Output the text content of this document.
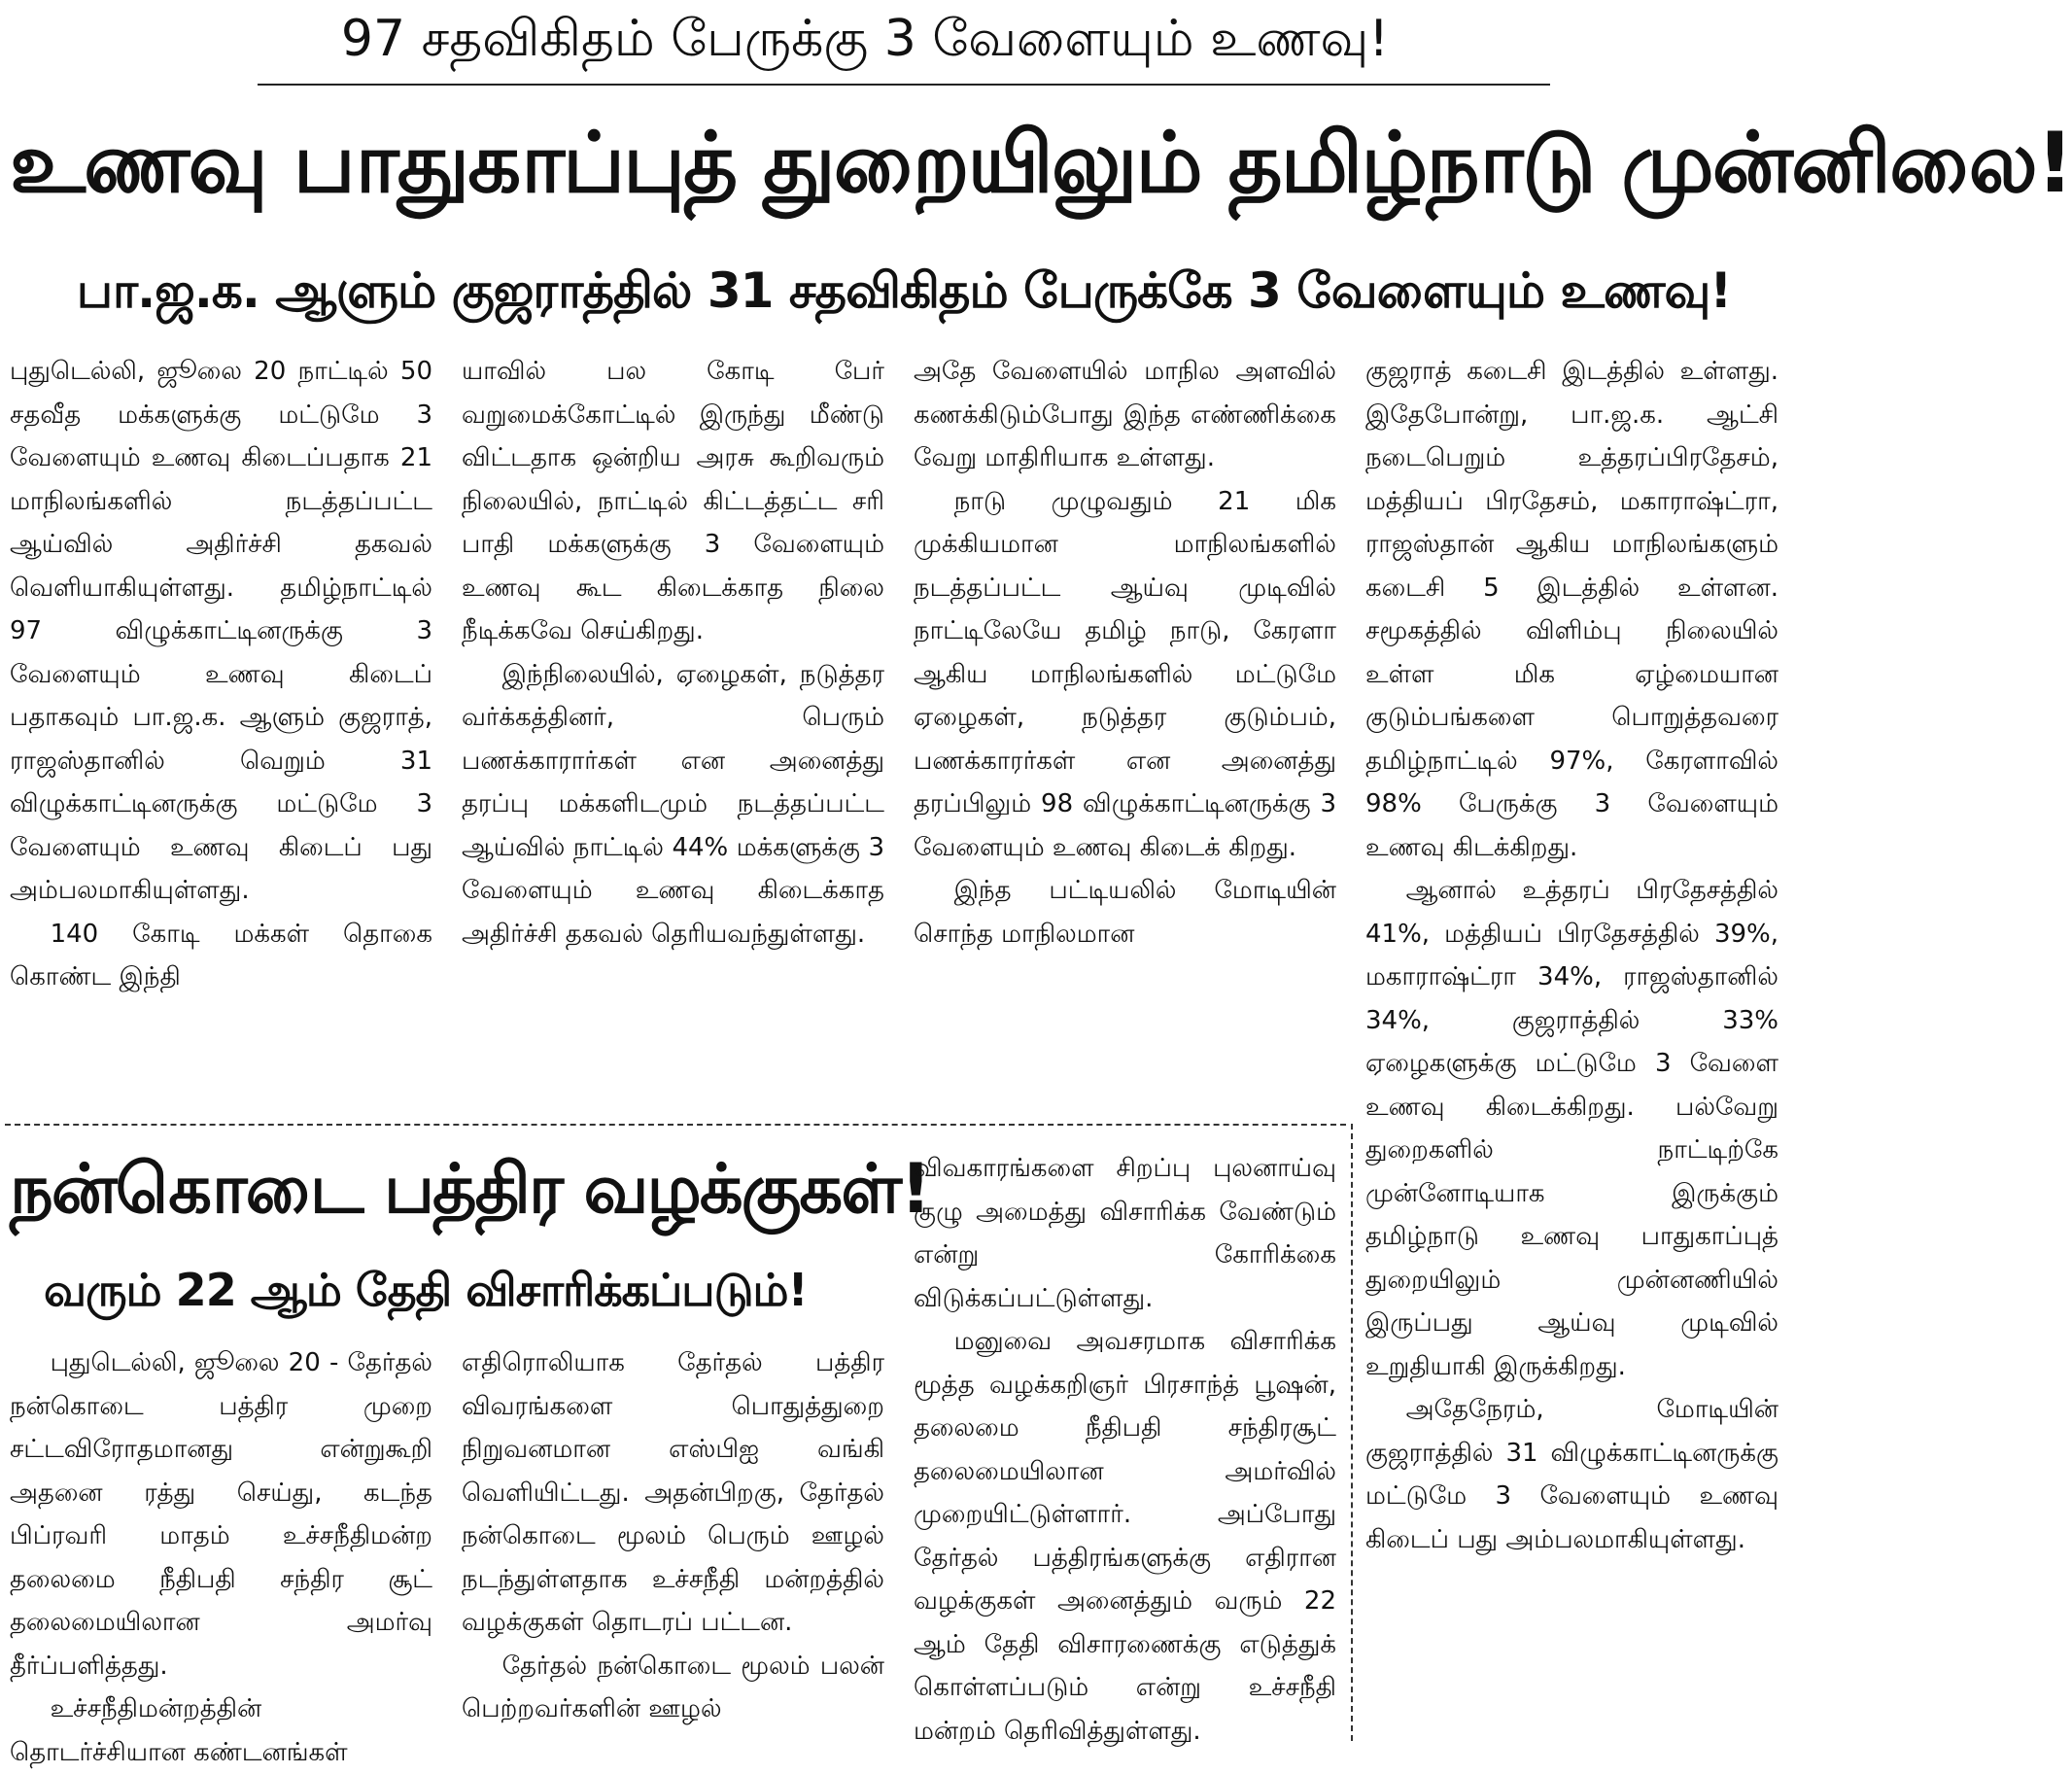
97 சதவிகிதம் பேருக்கு 3 வேளையும் உணவு!
உணவு பாதுகாப்புத் துறையிலும் தமிழ்நாடு முன்னிலை!
பா.ஜ.க. ஆளும் குஜராத்தில் 31 சதவிகிதம் பேருக்கே 3 வேளையும் உணவு!

புதுடெல்லி, ஜூலை 20 நாட்டில் 50 சதவீத மக்களுக்கு மட்டுமே 3 வேளையும் உணவு கிடைப்பதாக 21 மாநிலங்களில் நடத்தப்பட்ட ஆய்வில் அதிர்ச்சி தகவல் வெளியாகியுள்ளது. தமிழ்நாட்டில் 97 விழுக்காட்டினருக்கு 3 வேளையும் உணவு கிடைப் பதாகவும் பா.ஜ.க. ஆளும் குஜராத், ராஜஸ்தானில் வெறும் 31 விழுக்காட்டினருக்கு மட்டுமே 3 வேளையும் உணவு கிடைப் பது அம்பலமாகியுள்ளது.

140 கோடி மக்கள் தொகை கொண்ட இந்தி

யாவில் பல கோடி பேர் வறுமைக்கோட்டில் இருந்து மீண்டு விட்டதாக ஒன்றிய அரசு கூறிவரும் நிலையில், நாட்டில் கிட்டத்தட்ட சரி பாதி மக்களுக்கு 3 வேளையும் உணவு கூட கிடைக்காத நிலை நீடிக்கவே செய்கிறது.

இந்நிலையில், ஏழைகள், நடுத்தர வர்க்கத்தினர், பெரும் பணக்காரார்கள் என அனைத்து தரப்பு மக்களிடமும் நடத்தப்பட்ட ஆய்வில் நாட்டில் 44% மக்களுக்கு 3 வேளையும் உணவு கிடைக்காத அதிர்ச்சி தகவல் தெரியவந்துள்ளது.

அதே வேளையில் மாநில அளவில் கணக்கிடும்போது இந்த எண்ணிக்கை வேறு மாதிரியாக உள்ளது.

நாடு முழுவதும் 21 மிக முக்கியமான மாநிலங்களில் நடத்தப்பட்ட ஆய்வு முடிவில் நாட்டிலேயே தமிழ் நாடு, கேரளா ஆகிய மாநிலங்களில் மட்டுமே ஏழைகள், நடுத்தர குடும்பம், பணக்காரர்கள் என அனைத்து தரப்பிலும் 98 விழுக்காட்டினருக்கு 3 வேளையும் உணவு கிடைக் கிறது.

இந்த பட்டியலில் மோடியின் சொந்த மாநிலமான

குஜராத் கடைசி இடத்தில் உள்ளது. இதேபோன்று, பா.ஜ.க. ஆட்சி நடைபெறும் உத்தரப்பிரதேசம், மத்தியப் பிரதேசம், மகாராஷ்ட்ரா, ராஜஸ்தான் ஆகிய மாநிலங்களும் கடைசி 5 இடத்தில் உள்ளன. சமூகத்தில் விளிம்பு நிலையில் உள்ள மிக ஏழ்மையான குடும்பங்களை பொறுத்தவரை தமிழ்நாட்டில் 97%, கேரளாவில் 98% பேருக்கு 3 வேளையும் உணவு கிடக்கிறது.

ஆனால் உத்தரப் பிரதேசத்தில் 41%, மத்தியப் பிரதேசத்தில் 39%, மகாராஷ்ட்ரா 34%, ராஜஸ்தானில் 34%, குஜராத்தில் 33% ஏழைகளுக்கு மட்டுமே 3 வேளை உணவு கிடைக்கிறது. பல்வேறு துறைகளில் நாட்டிற்கே முன்னோடியாக இருக்கும் தமிழ்நாடு உணவு பாதுகாப்புத் துறையிலும் முன்னணியில் இருப்பது ஆய்வு முடிவில் உறுதியாகி இருக்கிறது.

அதேநேரம், மோடியின் குஜராத்தில் 31 விழுக்காட்டினருக்கு மட்டுமே 3 வேளையும் உணவு கிடைப் பது அம்பலமாகியுள்ளது.

நன்கொடை பத்திர வழக்குகள்!
வரும் 22 ஆம் தேதி விசாரிக்கப்படும்!

புதுடெல்லி, ஜூலை 20 - தேர்தல் நன்கொடை பத்திர முறை சட்டவிரோதமானது என்றுகூறி அதனை ரத்து செய்து, கடந்த பிப்ரவரி மாதம் உச்சநீதிமன்ற தலைமை நீதிபதி சந்திர சூட் தலைமையிலான அமர்வு தீர்ப்பளித்தது.

உச்சநீதிமன்றத்தின் தொடர்ச்சியான கண்டனங்கள்

எதிரொலியாக தேர்தல் பத்திர விவரங்களை பொதுத்துறை நிறுவனமான எஸ்பிஐ வங்கி வெளியிட்டது. அதன்பிறகு, தேர்தல் நன்கொடை மூலம் பெரும் ஊழல் நடந்துள்ளதாக உச்சநீதி மன்றத்தில் வழக்குகள் தொடரப் பட்டன.

தேர்தல் நன்கொடை மூலம் பலன் பெற்றவர்களின் ஊழல்

விவகாரங்களை சிறப்பு புலனாய்வு குழு அமைத்து விசாரிக்க வேண்டும் என்று கோரிக்கை விடுக்கப்பட்டுள்ளது.

மனுவை அவசரமாக விசாரிக்க மூத்த வழக்கறிஞர் பிரசாந்த் பூஷன், தலைமை நீதிபதி சந்திரசூட் தலைமையிலான அமர்வில் முறையிட்டுள்ளார். அப்போது தேர்தல் பத்திரங்களுக்கு எதிரான வழக்குகள் அனைத்தும் வரும் 22 ஆம் தேதி விசாரணைக்கு எடுத்துக் கொள்ளப்படும் என்று உச்சநீதி மன்றம் தெரிவித்துள்ளது.
